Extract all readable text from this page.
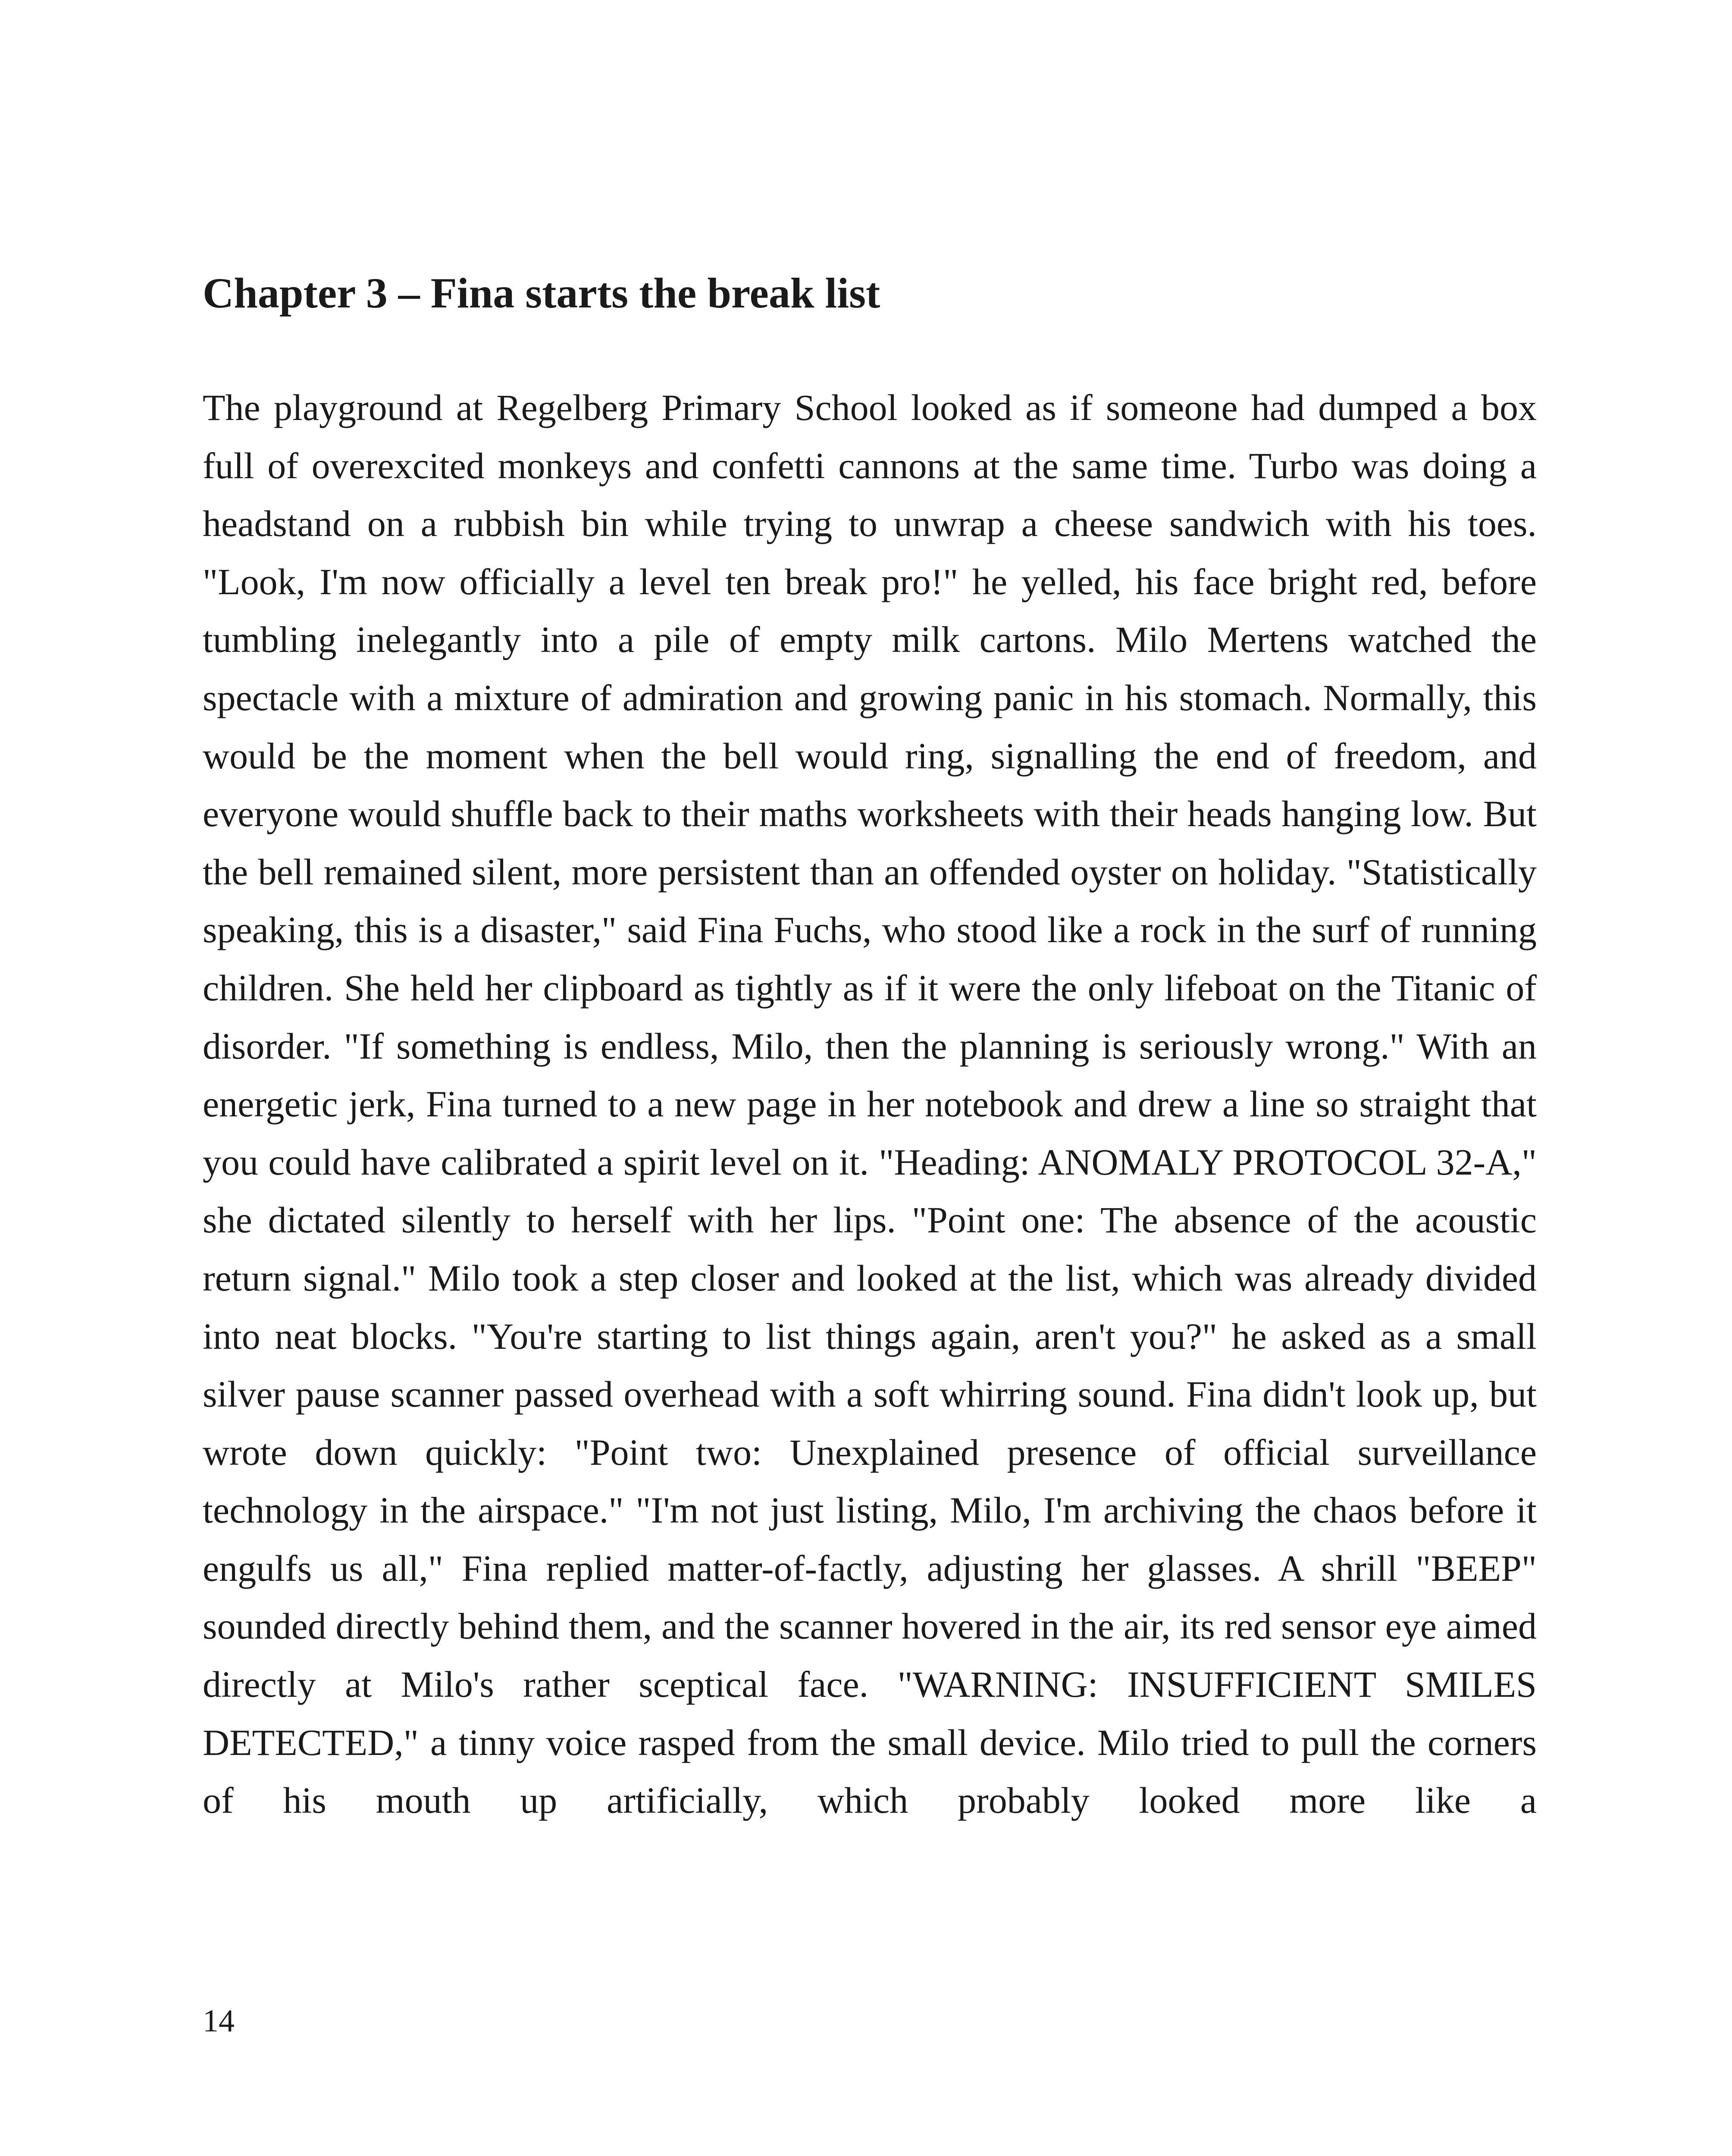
Chapter 3 – Fina starts the break list

The playground at Regelberg Primary School looked as if someone had dumped a box full of overexcited monkeys and confetti cannons at the same time. Turbo was doing a headstand on a rubbish bin while trying to unwrap a cheese sandwich with his toes. "Look, I'm now officially a level ten break pro!" he yelled, his face bright red, before tumbling inelegantly into a pile of empty milk cartons. Milo Mertens watched the spectacle with a mixture of admiration and growing panic in his stomach. Normally, this would be the moment when the bell would ring, signalling the end of freedom, and everyone would shuffle back to their maths worksheets with their heads hanging low. But the bell remained silent, more persistent than an offended oyster on holiday. "Statistically speaking, this is a disaster," said Fina Fuchs, who stood like a rock in the surf of running children. She held her clipboard as tightly as if it were the only lifeboat on the Titanic of disorder. "If something is endless, Milo, then the planning is seriously wrong." With an energetic jerk, Fina turned to a new page in her notebook and drew a line so straight that you could have calibrated a spirit level on it. "Heading: ANOMALY PROTOCOL 32-A," she dictated silently to herself with her lips. "Point one: The absence of the acoustic return signal." Milo took a step closer and looked at the list, which was already divided into neat blocks. "You're starting to list things again, aren't you?" he asked as a small silver pause scanner passed overhead with a soft whirring sound. Fina didn't look up, but wrote down quickly: "Point two: Unexplained presence of official surveillance technology in the airspace." "I'm not just listing, Milo, I'm archiving the chaos before it engulfs us all," Fina replied matter-of-factly, adjusting her glasses. A shrill "BEEP" sounded directly behind them, and the scanner hovered in the air, its red sensor eye aimed directly at Milo's rather sceptical face. "WARNING: INSUFFICIENT SMILES DETECTED," a tinny voice rasped from the small device. Milo tried to pull the corners of his mouth up artificially, which probably looked more like a

14
